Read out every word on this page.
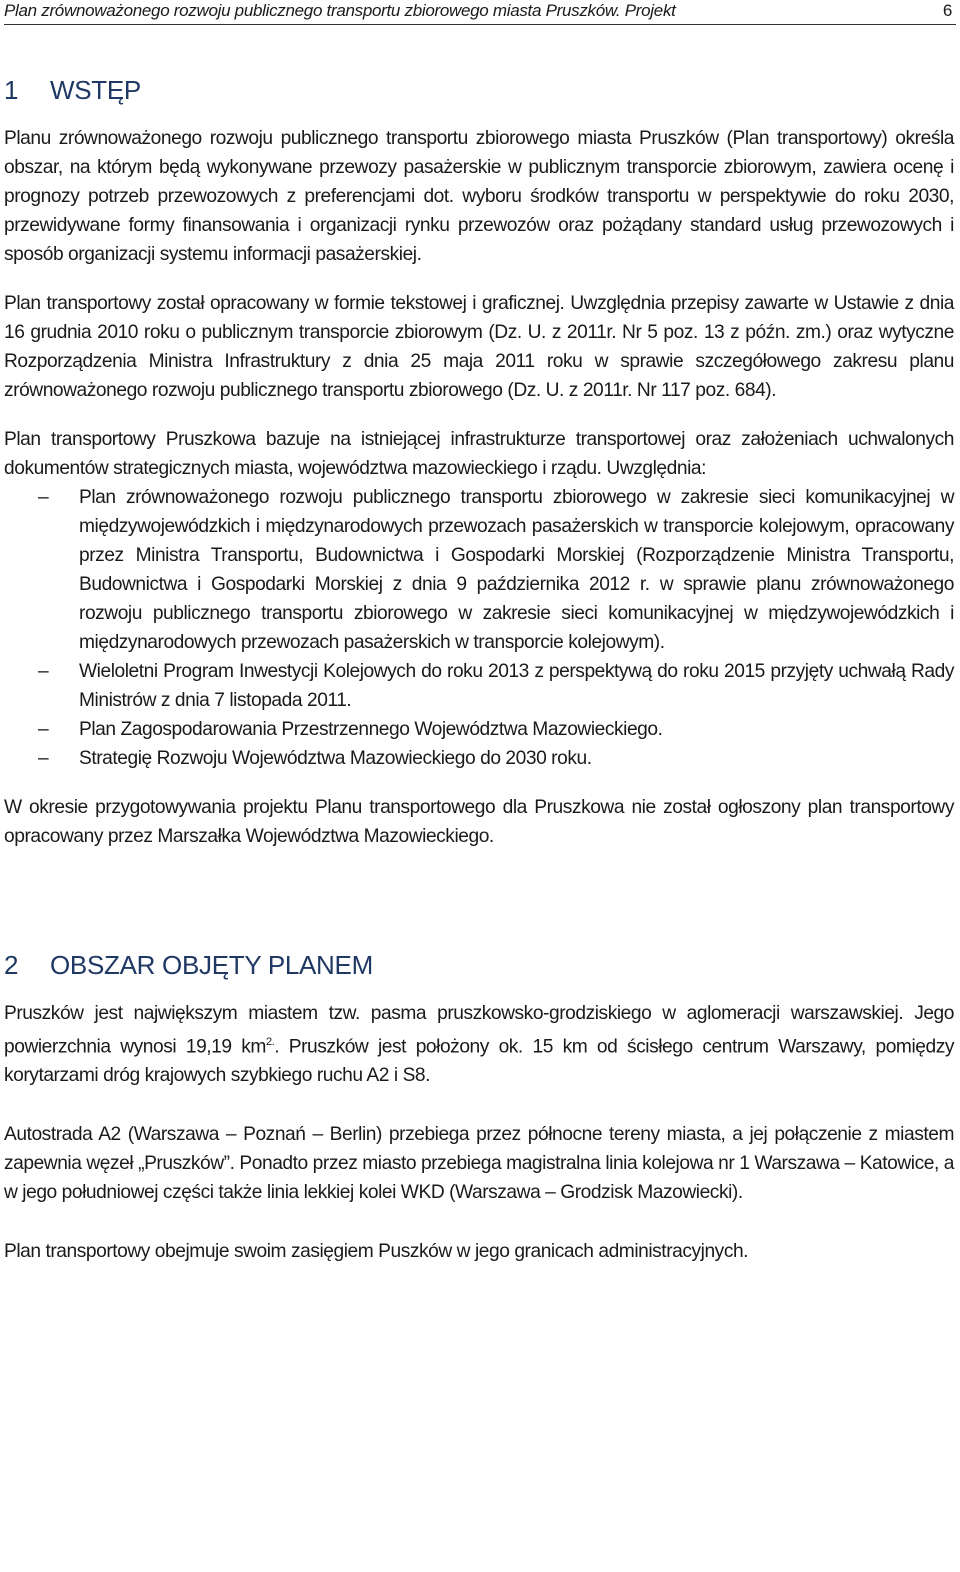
Plan zrównoważonego rozwoju publicznego transportu zbiorowego miasta Pruszków. Projekt	6
1	WSTĘP

Planu zrównoważonego rozwoju publicznego transportu zbiorowego miasta Pruszków (Plan transportowy) określa obszar, na którym będą wykonywane przewozy pasażerskie w publicznym transporcie zbiorowym, zawiera ocenę i prognozy potrzeb przewozowych z preferencjami dot. wyboru środków transportu w perspektywie do roku 2030, przewidywane formy finansowania i organizacji rynku przewozów oraz pożądany standard usług przewozowych i sposób organizacji systemu informacji pasażerskiej.

Plan transportowy został opracowany w formie tekstowej i graficznej. Uwzględnia przepisy zawarte w Ustawie z dnia 16 grudnia 2010 roku o publicznym transporcie zbiorowym (Dz. U. z 2011r. Nr 5 poz. 13 z późn. zm.) oraz wytyczne Rozporządzenia Ministra Infrastruktury z dnia 25 maja 2011 roku w sprawie szczegółowego zakresu planu zrównoważonego rozwoju publicznego transportu zbiorowego (Dz. U. z 2011r. Nr 117 poz. 684).

Plan transportowy Pruszkowa bazuje na istniejącej infrastrukturze transportowej oraz założeniach uchwalonych dokumentów strategicznych miasta, województwa mazowieckiego i rządu. Uwzględnia:

– Plan zrównoważonego rozwoju publicznego transportu zbiorowego w zakresie sieci komunikacyjnej w międzywojewódzkich i międzynarodowych przewozach pasażerskich w transporcie kolejowym, opracowany przez Ministra Transportu, Budownictwa i Gospodarki Morskiej (Rozporządzenie Ministra Transportu, Budownictwa i Gospodarki Morskiej z dnia 9 października 2012 r. w sprawie planu zrównoważonego rozwoju publicznego transportu zbiorowego w zakresie sieci komunikacyjnej w międzywojewódzkich i międzynarodowych przewozach pasażerskich w transporcie kolejowym).
– Wieloletni Program Inwestycji Kolejowych do roku 2013 z perspektywą do roku 2015 przyjęty uchwałą Rady Ministrów z dnia 7 listopada 2011.
– Plan Zagospodarowania Przestrzennego Województwa Mazowieckiego.
– Strategię Rozwoju Województwa Mazowieckiego do 2030 roku.

W okresie przygotowywania projektu Planu transportowego dla Pruszkowa nie został ogłoszony plan transportowy opracowany przez Marszałka Województwa Mazowieckiego.

2	OBSZAR OBJĘTY PLANEM

Pruszków jest największym miastem tzw. pasma pruszkowsko-grodziskiego w aglomeracji warszawskiej. Jego powierzchnia wynosi 19,19 $km^{2.}$. Pruszków jest położony ok. 15 km od ścisłego centrum Warszawy, pomiędzy korytarzami dróg krajowych szybkiego ruchu A2 i S8.

Autostrada A2 (Warszawa – Poznań – Berlin) przebiega przez północne tereny miasta, a jej połączenie z miastem zapewnia węzeł „Pruszków”. Ponadto przez miasto przebiega magistralna linia kolejowa nr 1 Warszawa – Katowice, a w jego południowej części także linia lekkiej kolei WKD (Warszawa – Grodzisk Mazowiecki).

Plan transportowy obejmuje swoim zasięgiem Puszków w jego granicach administracyjnych.
